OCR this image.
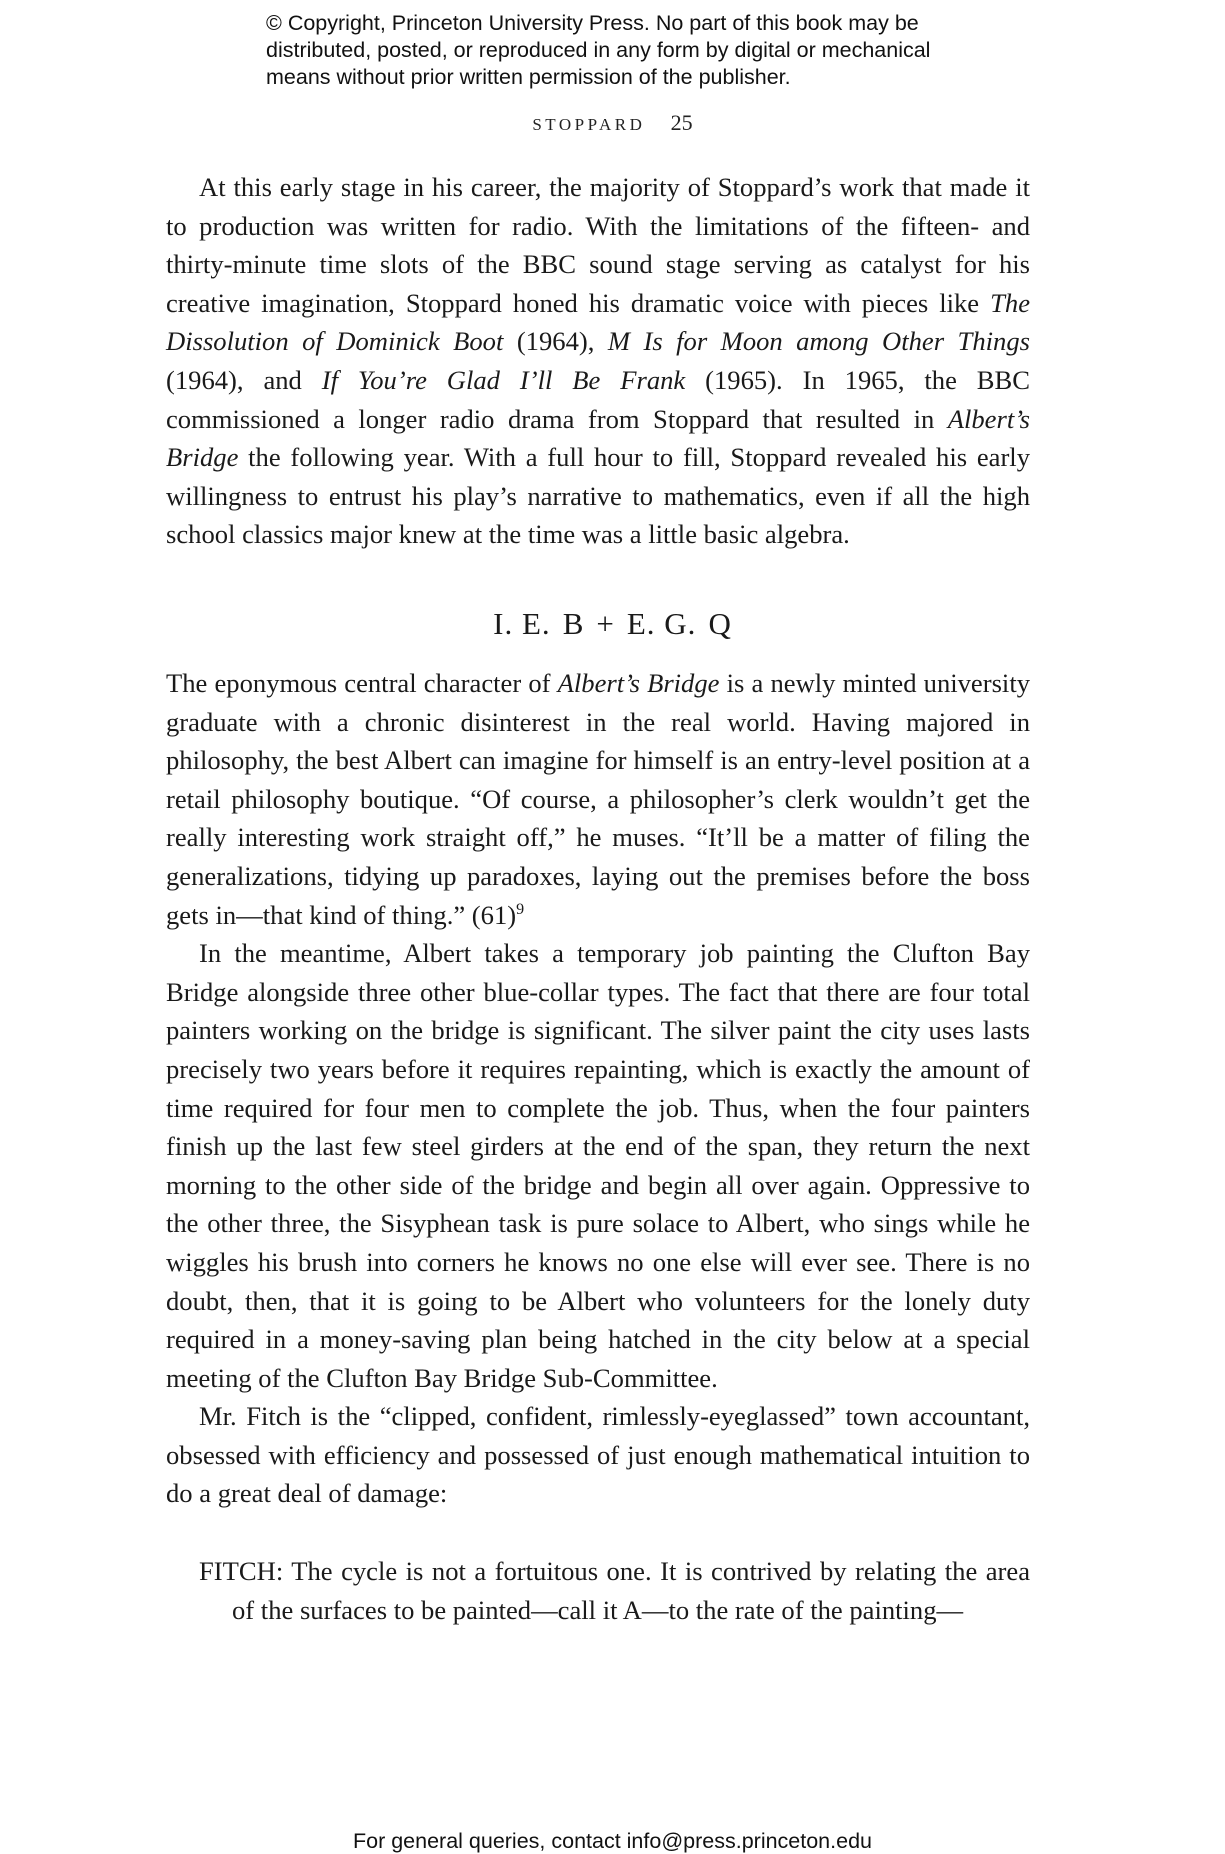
© Copyright, Princeton University Press. No part of this book may be
distributed, posted, or reproduced in any form by digital or mechanical
means without prior written permission of the publisher.
STOPPARD 25

At this early stage in his career, the majority of Stoppard’s work that made it to production was written for radio. With the limitations of the fifteen- and thirty-minute time slots of the BBC sound stage serving as catalyst for his creative imagination, Stoppard honed his dramatic voice with pieces like The Dissolution of Dominick Boot (1964), M Is for Moon among Other Things (1964), and If You’re Glad I’ll Be Frank (1965). In 1965, the BBC commissioned a longer radio drama from Stoppard that resulted in Albert’s Bridge the following year. With a full hour to fill, Stoppard revealed his early willingness to entrust his play’s narrative to mathematics, even if all the high school classics major knew at the time was a little basic algebra.

I. E. B + E. G. Q

The eponymous central character of Albert’s Bridge is a newly minted university graduate with a chronic disinterest in the real world. Having majored in philosophy, the best Albert can imagine for himself is an entry-level position at a retail philosophy boutique. “Of course, a philosopher’s clerk wouldn’t get the really interesting work straight off,” he muses. “It’ll be a matter of filing the generalizations, tidying up paradoxes, laying out the premises before the boss gets in—that kind of thing.” $(61)^9$

In the meantime, Albert takes a temporary job painting the Clufton Bay Bridge alongside three other blue-collar types. The fact that there are four total painters working on the bridge is significant. The silver paint the city uses lasts precisely two years before it requires repainting, which is exactly the amount of time required for four men to complete the job. Thus, when the four painters finish up the last few steel girders at the end of the span, they return the next morning to the other side of the bridge and begin all over again. Oppressive to the other three, the Sisyphean task is pure solace to Albert, who sings while he wiggles his brush into corners he knows no one else will ever see. There is no doubt, then, that it is going to be Albert who volunteers for the lonely duty required in a money-saving plan being hatched in the city below at a special meeting of the Clufton Bay Bridge Sub-Committee.

Mr. Fitch is the “clipped, confident, rimlessly-eyeglassed” town accountant, obsessed with efficiency and possessed of just enough mathematical intuition to do a great deal of damage:

FITCH: The cycle is not a fortuitous one. It is contrived by relating the area of the surfaces to be painted—call it A—to the rate of the painting—

For general queries, contact info@press.princeton.edu
